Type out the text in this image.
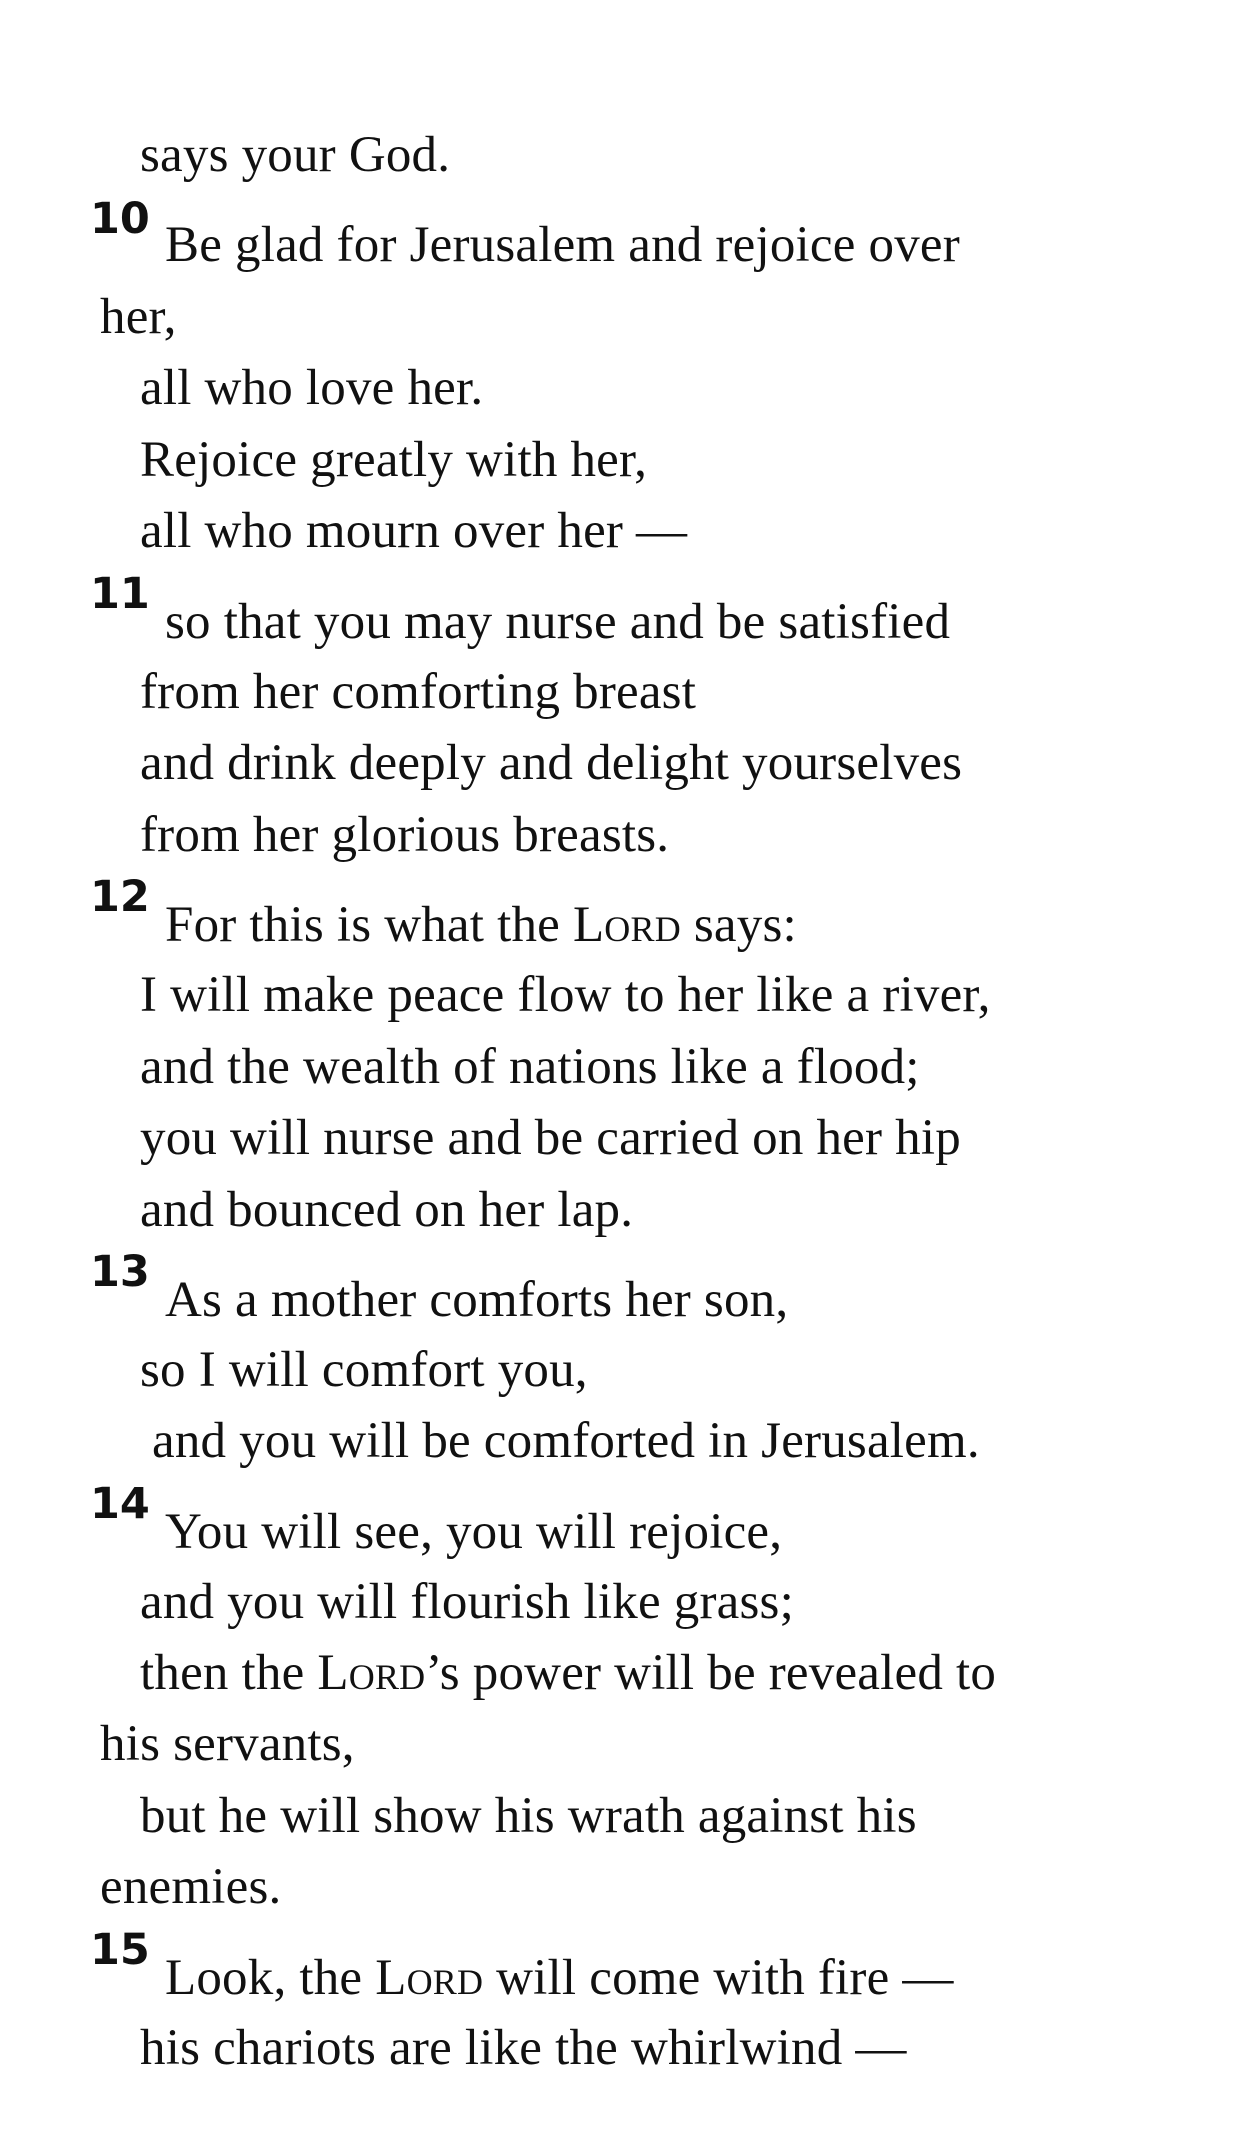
says your God.
10 Be glad for Jerusalem and rejoice over
her,
all who love her.
Rejoice greatly with her,
all who mourn over her —
11 so that you may nurse and be satisfied
from her comforting breast
and drink deeply and delight yourselves
from her glorious breasts.
12 For this is what the Lord says:
I will make peace flow to her like a river,
and the wealth of nations like a flood;
you will nurse and be carried on her hip
and bounced on her lap.
13 As a mother comforts her son,
so I will comfort you,
and you will be comforted in Jerusalem.
14 You will see, you will rejoice,
and you will flourish like grass;
then the Lord’s power will be revealed to
his servants,
but he will show his wrath against his
enemies.
15 Look, the Lord will come with fire —
his chariots are like the whirlwind —
